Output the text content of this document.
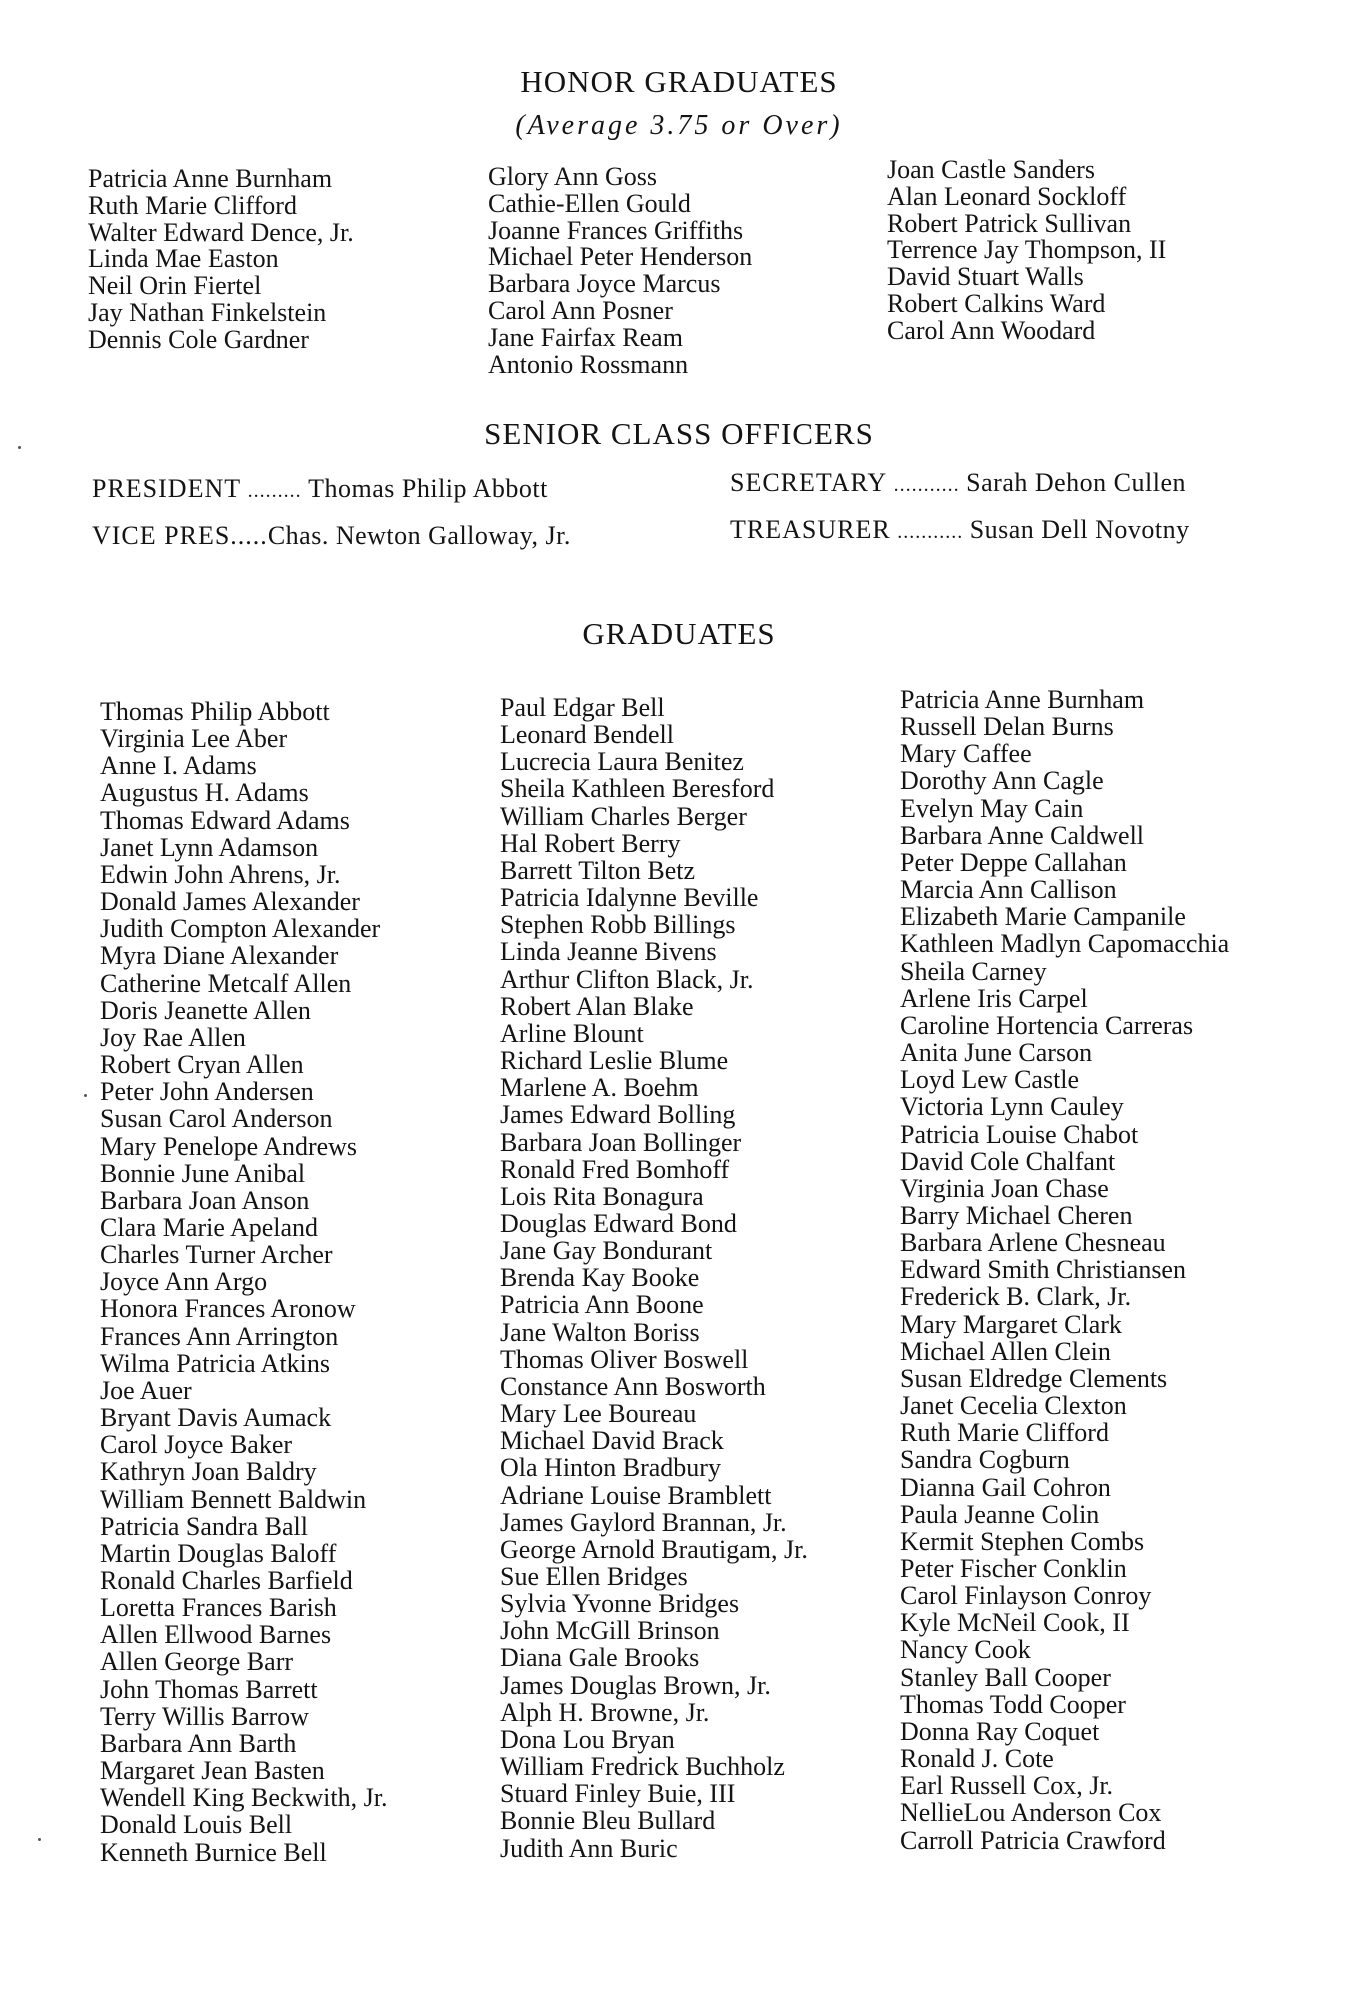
HONOR GRADUATES
(Average 3.75 or Over)
Patricia Anne Burnham
Ruth Marie Clifford
Walter Edward Dence, Jr.
Linda Mae Easton
Neil Orin Fiertel
Jay Nathan Finkelstein
Dennis Cole Gardner
Glory Ann Goss
Cathie-Ellen Gould
Joanne Frances Griffiths
Michael Peter Henderson
Barbara Joyce Marcus
Carol Ann Posner
Jane Fairfax Ream
Antonio Rossmann
Joan Castle Sanders
Alan Leonard Sockloff
Robert Patrick Sullivan
Terrence Jay Thompson, II
David Stuart Walls
Robert Calkins Ward
Carol Ann Woodard
SENIOR CLASS OFFICERS
PRESIDENT ......... Thomas Philip Abbott
VICE PRES.....Chas. Newton Galloway, Jr.
SECRETARY ........... Sarah Dehon Cullen
TREASURER ........... Susan Dell Novotny
GRADUATES
Thomas Philip Abbott
Virginia Lee Aber
Anne I. Adams
Augustus H. Adams
Thomas Edward Adams
Janet Lynn Adamson
Edwin John Ahrens, Jr.
Donald James Alexander
Judith Compton Alexander
Myra Diane Alexander
Catherine Metcalf Allen
Doris Jeanette Allen
Joy Rae Allen
Robert Cryan Allen
Peter John Andersen
Susan Carol Anderson
Mary Penelope Andrews
Bonnie June Anibal
Barbara Joan Anson
Clara Marie Apeland
Charles Turner Archer
Joyce Ann Argo
Honora Frances Aronow
Frances Ann Arrington
Wilma Patricia Atkins
Joe Auer
Bryant Davis Aumack
Carol Joyce Baker
Kathryn Joan Baldry
William Bennett Baldwin
Patricia Sandra Ball
Martin Douglas Baloff
Ronald Charles Barfield
Loretta Frances Barish
Allen Ellwood Barnes
Allen George Barr
John Thomas Barrett
Terry Willis Barrow
Barbara Ann Barth
Margaret Jean Basten
Wendell King Beckwith, Jr.
Donald Louis Bell
Kenneth Burnice Bell
Paul Edgar Bell
Leonard Bendell
Lucrecia Laura Benitez
Sheila Kathleen Beresford
William Charles Berger
Hal Robert Berry
Barrett Tilton Betz
Patricia Idalynne Beville
Stephen Robb Billings
Linda Jeanne Bivens
Arthur Clifton Black, Jr.
Robert Alan Blake
Arline Blount
Richard Leslie Blume
Marlene A. Boehm
James Edward Bolling
Barbara Joan Bollinger
Ronald Fred Bomhoff
Lois Rita Bonagura
Douglas Edward Bond
Jane Gay Bondurant
Brenda Kay Booke
Patricia Ann Boone
Jane Walton Boriss
Thomas Oliver Boswell
Constance Ann Bosworth
Mary Lee Boureau
Michael David Brack
Ola Hinton Bradbury
Adriane Louise Bramblett
James Gaylord Brannan, Jr.
George Arnold Brautigam, Jr.
Sue Ellen Bridges
Sylvia Yvonne Bridges
John McGill Brinson
Diana Gale Brooks
James Douglas Brown, Jr.
Alph H. Browne, Jr.
Dona Lou Bryan
William Fredrick Buchholz
Stuard Finley Buie, III
Bonnie Bleu Bullard
Judith Ann Buric
Patricia Anne Burnham
Russell Delan Burns
Mary Caffee
Dorothy Ann Cagle
Evelyn May Cain
Barbara Anne Caldwell
Peter Deppe Callahan
Marcia Ann Callison
Elizabeth Marie Campanile
Kathleen Madlyn Capomacchia
Sheila Carney
Arlene Iris Carpel
Caroline Hortencia Carreras
Anita June Carson
Loyd Lew Castle
Victoria Lynn Cauley
Patricia Louise Chabot
David Cole Chalfant
Virginia Joan Chase
Barry Michael Cheren
Barbara Arlene Chesneau
Edward Smith Christiansen
Frederick B. Clark, Jr.
Mary Margaret Clark
Michael Allen Clein
Susan Eldredge Clements
Janet Cecelia Clexton
Ruth Marie Clifford
Sandra Cogburn
Dianna Gail Cohron
Paula Jeanne Colin
Kermit Stephen Combs
Peter Fischer Conklin
Carol Finlayson Conroy
Kyle McNeil Cook, II
Nancy Cook
Stanley Ball Cooper
Thomas Todd Cooper
Donna Ray Coquet
Ronald J. Cote
Earl Russell Cox, Jr.
NellieLou Anderson Cox
Carroll Patricia Crawford
